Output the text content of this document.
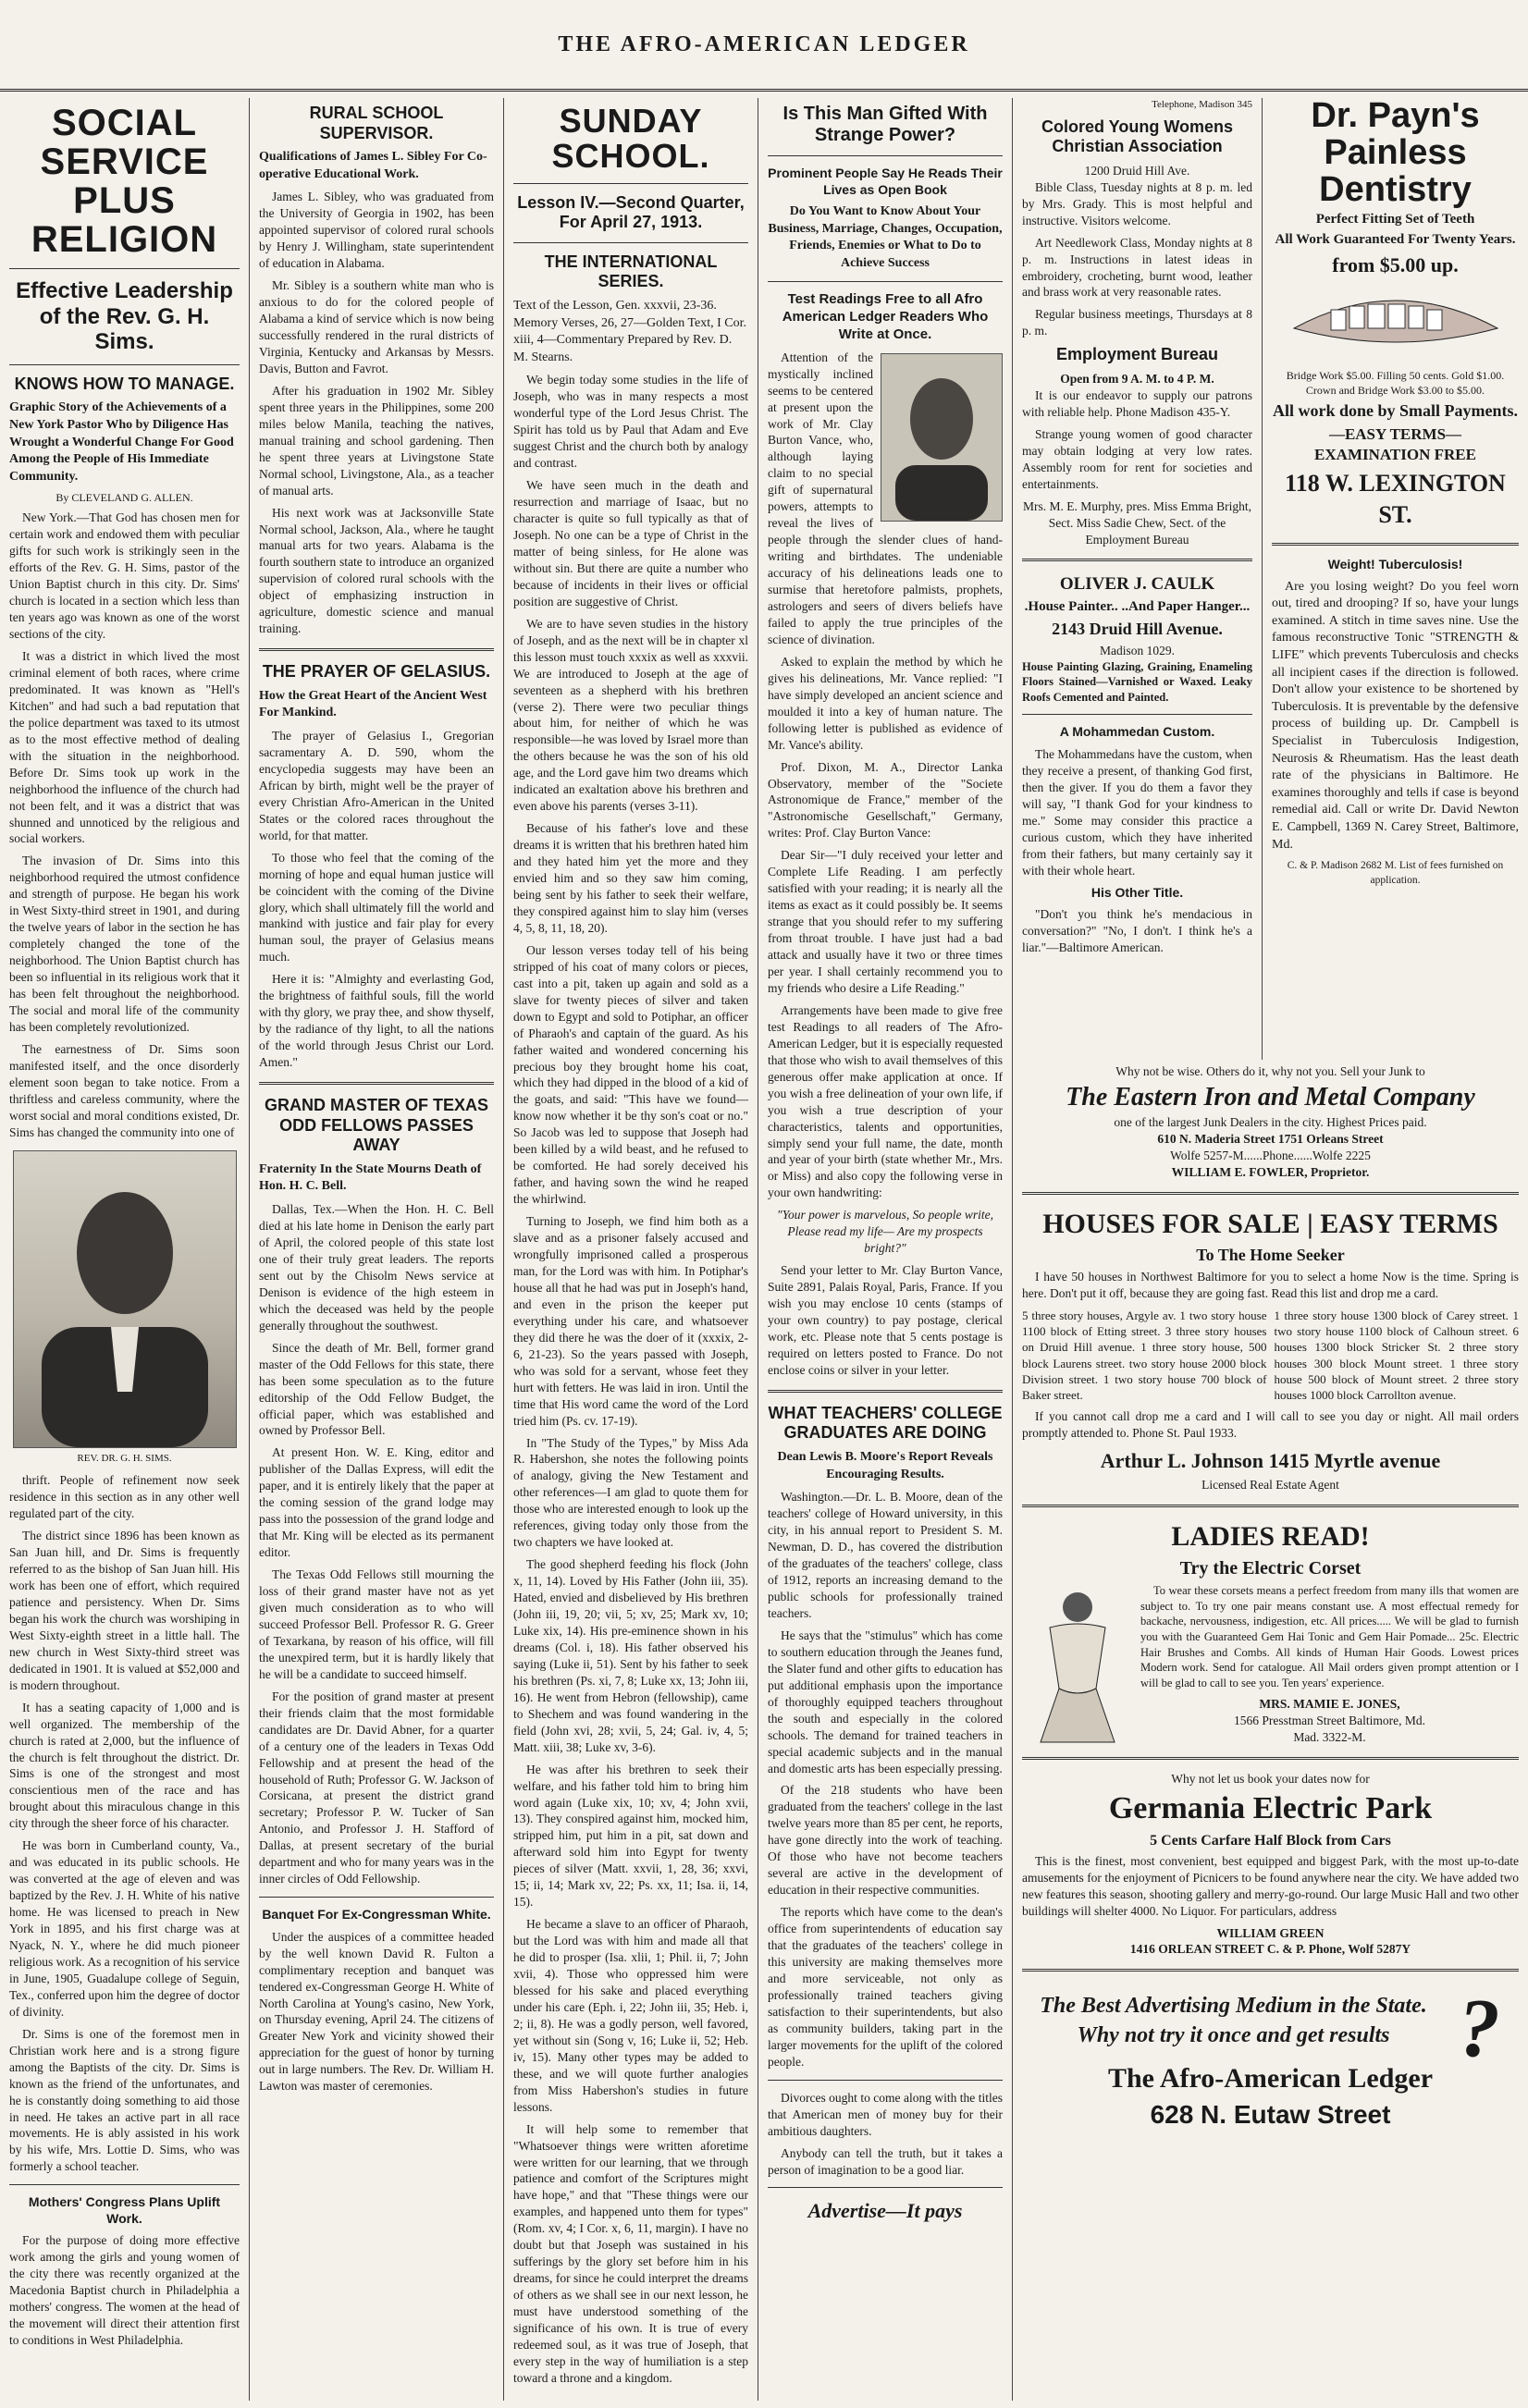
THE AFRO-AMERICAN LEDGER
SOCIAL SERVICE PLUS RELIGION
Effective Leadership of the Rev. G. H. Sims.
KNOWS HOW TO MANAGE.
Graphic Story of the Achievements of a New York Pastor Who by Diligence Has Wrought a Wonderful Change For Good Among the People of His Immediate Community.
By CLEVELAND G. ALLEN.

New York.—That God has chosen men for certain work and endowed them with peculiar gifts for such work is strikingly seen in the efforts of the Rev. G. H. Sims, pastor of the Union Baptist church in this city. Dr. Sims' church is located in a section which less than ten years ago was known as one of the worst sections of the city.

It was a district in which lived the most criminal element of both races, where crime predominated. It was known as "Hell's Kitchen" and had such a bad reputation that the police department was taxed to its utmost as to the most effective method of dealing with the situation in the neighborhood. Before Dr. Sims took up work in the neighborhood the influence of the church had not been felt, and it was a district that was shunned and unnoticed by the religious and social workers.

The invasion of Dr. Sims into this neighborhood required the utmost confidence and strength of purpose. He began his work in West Sixty-third street in 1901, and during the twelve years of labor in the section he has completely changed the tone of the neighborhood. The Union Baptist church has been so influential in its religious work that it has been felt throughout the neighborhood. The social and moral life of the community has been completely revolutionized.

The earnestness of Dr. Sims soon manifested itself, and the once disorderly element soon began to take notice. From a thriftless and careless community, where the worst social and moral conditions existed, Dr. Sims has changed the community into one of

REV. DR. G. H. SIMS.

thrift. People of refinement now seek residence in this section as in any other well regulated part of the city.

The district since 1896 has been known as San Juan hill, and Dr. Sims is frequently referred to as the bishop of San Juan hill. His work has been one of effort, which required patience and persistency. When Dr. Sims began his work the church was worshiping in West Sixty-eighth street in a little hall. The new church in West Sixty-third street was dedicated in 1901. It is valued at $52,000 and is modern throughout.

It has a seating capacity of 1,000 and is well organized. The membership of the church is rated at 2,000, but the influence of the church is felt throughout the district. Dr. Sims is one of the strongest and most conscientious men of the race and has brought about this miraculous change in this city through the sheer force of his character.

He was born in Cumberland county, Va., and was educated in its public schools. He was converted at the age of eleven and was baptized by the Rev. J. H. White of his native home. He was licensed to preach in New York in 1895, and his first charge was at Nyack, N. Y., where he did much pioneer religious work. As a recognition of his service in June, 1905, Guadalupe college of Seguin, Tex., conferred upon him the degree of doctor of divinity.

Dr. Sims is one of the foremost men in Christian work here and is a strong figure among the Baptists of the city. Dr. Sims is known as the friend of the unfortunates, and he is constantly doing something to aid those in need. He takes an active part in all race movements. He is ably assisted in his work by his wife, Mrs. Lottie D. Sims, who was formerly a school teacher.

Mothers' Congress Plans Uplift Work.

For the purpose of doing more effective work among the girls and young women of the city there was recently organized at the Macedonia Baptist church in Philadelphia a mothers' congress. The women at the head of the movement will direct their attention first to conditions in West Philadelphia.

RURAL SCHOOL SUPERVISOR.
Qualifications of James L. Sibley For Co-operative Educational Work.

James L. Sibley, who was graduated from the University of Georgia in 1902, has been appointed supervisor of colored rural schools by Henry J. Willingham, state superintendent of education in Alabama.

Mr. Sibley is a southern white man who is anxious to do for the colored people of Alabama a kind of service which is now being successfully rendered in the rural districts of Virginia, Kentucky and Arkansas by Messrs. Davis, Button and Favrot.

After his graduation in 1902 Mr. Sibley spent three years in the Philippines, some 200 miles below Manila, teaching the natives, manual training and school gardening. Then he spent three years at Livingstone State Normal school, Livingstone, Ala., as a teacher of manual arts.

His next work was at Jacksonville State Normal school, Jackson, Ala., where he taught manual arts for two years. Alabama is the fourth southern state to introduce an organized supervision of colored rural schools with the object of emphasizing instruction in agriculture, domestic science and manual training.

THE PRAYER OF GELASIUS.
How the Great Heart of the Ancient West For Mankind.

The prayer of Gelasius I., Gregorian sacramentary A. D. 590, whom the encyclopedia suggests may have been an African by birth, might well be the prayer of every Christian Afro-American in the United States or the colored races throughout the world, for that matter.

To those who feel that the coming of the morning of hope and equal human justice will be coincident with the coming of the Divine glory, which shall ultimately fill the world and mankind with justice and fair play for every human soul, the prayer of Gelasius means much.

Here it is: "Almighty and everlasting God, the brightness of faithful souls, fill the world with thy glory, we pray thee, and show thyself, by the radiance of thy light, to all the nations of the world through Jesus Christ our Lord. Amen."

GRAND MASTER OF TEXAS ODD FELLOWS PASSES AWAY
Fraternity In the State Mourns Death of Hon. H. C. Bell.

Dallas, Tex.—When the Hon. H. C. Bell died at his late home in Denison the early part of April, the colored people of this state lost one of their truly great leaders. The reports sent out by the Chisolm News service at Denison is evidence of the high esteem in which the deceased was held by the people generally throughout the southwest.

Since the death of Mr. Bell, former grand master of the Odd Fellows for this state, there has been some speculation as to the future editorship of the Odd Fellow Budget, the official paper, which was established and owned by Professor Bell.

At present Hon. W. E. King, editor and publisher of the Dallas Express, will edit the paper, and it is entirely likely that the paper at the coming session of the grand lodge may pass into the possession of the grand lodge and that Mr. King will be elected as its permanent editor.

The Texas Odd Fellows still mourning the loss of their grand master have not as yet given much consideration as to who will succeed Professor Bell. Professor R. G. Greer of Texarkana, by reason of his office, will fill the unexpired term, but it is hardly likely that he will be a candidate to succeed himself.

For the position of grand master at present their friends claim that the most formidable candidates are Dr. David Abner, for a quarter of a century one of the leaders in Texas Odd Fellowship and at present the head of the household of Ruth; Professor G. W. Jackson of Corsicana, at present the district grand secretary; Professor P. W. Tucker of San Antonio, and Professor J. H. Stafford of Dallas, at present secretary of the burial department and who for many years was in the inner circles of Odd Fellowship.

Banquet For Ex-Congressman White.

Under the auspices of a committee headed by the well known David R. Fulton a complimentary reception and banquet was tendered ex-Congressman George H. White of North Carolina at Young's casino, New York, on Thursday evening, April 24. The citizens of Greater New York and vicinity showed their appreciation for the guest of honor by turning out in large numbers. The Rev. Dr. William H. Lawton was master of ceremonies.

SUNDAY SCHOOL.
Lesson IV.—Second Quarter, For April 27, 1913.
THE INTERNATIONAL SERIES.
Text of the Lesson, Gen. xxxvii, 23-36. Memory Verses, 26, 27—Golden Text, I Cor. xiii, 4—Commentary Prepared by Rev. D. M. Stearns.

We begin today some studies in the life of Joseph, who was in many respects a most wonderful type of the Lord Jesus Christ. The Spirit has told us by Paul that Adam and Eve suggest Christ and the church both by analogy and contrast.

We have seen much in the death and resurrection and marriage of Isaac, but no character is quite so full typically as that of Joseph. No one can be a type of Christ in the matter of being sinless, for He alone was without sin. But there are quite a number who because of incidents in their lives or official position are suggestive of Christ.

We are to have seven studies in the history of Joseph, and as the next will be in chapter xl this lesson must touch xxxix as well as xxxvii. We are introduced to Joseph at the age of seventeen as a shepherd with his brethren (verse 2). There were two peculiar things about him, for neither of which he was responsible—he was loved by Israel more than the others because he was the son of his old age, and the Lord gave him two dreams which indicated an exaltation above his brethren and even above his parents (verses 3-11).

Because of his father's love and these dreams it is written that his brethren hated him and they hated him yet the more and they envied him and so they saw him coming, being sent by his father to seek their welfare, they conspired against him to slay him (verses 4, 5, 8, 11, 18, 20).

Our lesson verses today tell of his being stripped of his coat of many colors or pieces, cast into a pit, taken up again and sold as a slave for twenty pieces of silver and taken down to Egypt and sold to Potiphar, an officer of Pharaoh's and captain of the guard. As his father waited and wondered concerning his precious boy they brought home his coat, which they had dipped in the blood of a kid of the goats, and said: "This have we found—know now whether it be thy son's coat or no." So Jacob was led to suppose that Joseph had been killed by a wild beast, and he refused to be comforted. He had sorely deceived his father, and having sown the wind he reaped the whirlwind.

Turning to Joseph, we find him both as a slave and as a prisoner falsely accused and wrongfully imprisoned called a prosperous man, for the Lord was with him. In Potiphar's house all that he had was put in Joseph's hand, and even in the prison the keeper put everything under his care, and whatsoever they did there he was the doer of it (xxxix, 2-6, 21-23). So the years passed with Joseph, who was sold for a servant, whose feet they hurt with fetters. He was laid in iron. Until the time that His word came the word of the Lord tried him (Ps. cv. 17-19).

In "The Study of the Types," by Miss Ada R. Habershon, she notes the following points of analogy, giving the New Testament and other references—I am glad to quote them for those who are interested enough to look up the references, giving today only those from the two chapters we have looked at.

The good shepherd feeding his flock (John x, 11, 14). Loved by His Father (John iii, 35). Hated, envied and disbelieved by His brethren (John iii, 19, 20; vii, 5; xv, 25; Mark xv, 10; Luke xix, 14). His pre-eminence shown in his dreams (Col. i, 18). His father observed his saying (Luke ii, 51). Sent by his father to seek his brethren (Ps. xi, 7, 8; Luke xx, 13; John iii, 16). He went from Hebron (fellowship), came to Shechem and was found wandering in the field (John xvi, 28; xvii, 5, 24; Gal. iv, 4, 5; Matt. xiii, 38; Luke xv, 3-6).

He was after his brethren to seek their welfare, and his father told him to bring him word again (Luke xix, 10; xv, 4; John xvii, 13). They conspired against him, mocked him, stripped him, put him in a pit, sat down and afterward sold him into Egypt for twenty pieces of silver (Matt. xxvii, 1, 28, 36; xxvi, 15; ii, 14; Mark xv, 22; Ps. xx, 11; Isa. ii, 14, 15).

He became a slave to an officer of Pharaoh, but the Lord was with him and made all that he did to prosper (Isa. xlii, 1; Phil. ii, 7; John xvii, 4). Those who oppressed him were blessed for his sake and placed everything under his care (Eph. i, 22; John iii, 35; Heb. i, 2; ii, 8). He was a godly person, well favored, yet without sin (Song v, 16; Luke ii, 52; Heb. iv, 15). Many other types may be added to these, and we will quote further analogies from Miss Habershon's studies in future lessons.

It will help some to remember that "Whatsoever things were written aforetime were written for our learning, that we through patience and comfort of the Scriptures might have hope," and that "These things were our examples, and happened unto them for types" (Rom. xv, 4; I Cor. x, 6, 11, margin). I have no doubt but that Joseph was sustained in his sufferings by the glory set before him in his dreams, for since he could interpret the dreams of others as we shall see in our next lesson, he must have understood something of the significance of his own. It is true of every redeemed soul, as it was true of Joseph, that every step in the way of humiliation is a step toward a throne and a kingdom.

Is This Man Gifted With Strange Power?
Prominent People Say He Reads Their Lives as Open Book
Do You Want to Know About Your Business, Marriage, Changes, Occupation, Friends, Enemies or What to Do to Achieve Success
Test Readings Free to all Afro American Ledger Readers Who Write at Once.

Attention of the mystically inclined seems to be centered at present upon the work of Mr. Clay Burton Vance, who, although laying claim to no special gift of supernatural powers, attempts to reveal the lives of people through the slender clues of hand-writing and birthdates. The undeniable accuracy of his delineations leads one to surmise that heretofore palmists, prophets, astrologers and seers of divers beliefs have failed to apply the true principles of the science of divination.

Asked to explain the method by which he gives his delineations, Mr. Vance replied: "I have simply developed an ancient science and moulded it into a key of human nature. The following letter is published as evidence of Mr. Vance's ability.

Prof. Dixon, M. A., Director Lanka Observatory, member of the "Societe Astronomique de France," member of the "Astronomische Gesellschaft," Germany, writes: Prof. Clay Burton Vance:

Dear Sir—"I duly received your letter and Complete Life Reading. I am perfectly satisfied with your reading; it is nearly all the items as exact as it could possibly be. It seems strange that you should refer to my suffering from throat trouble. I have just had a bad attack and usually have it two or three times per year. I shall certainly recommend you to my friends who desire a Life Reading."

Arrangements have been made to give free test Readings to all readers of The Afro-American Ledger, but it is especially requested that those who wish to avail themselves of this generous offer make application at once. If you wish a free delineation of your own life, if you wish a true description of your characteristics, talents and opportunities, simply send your full name, the date, month and year of your birth (state whether Mr., Mrs. or Miss) and also copy the following verse in your own handwriting:

"Your power is marvelous, So people write, Please read my life— Are my prospects bright?"

Send your letter to Mr. Clay Burton Vance, Suite 2891, Palais Royal, Paris, France. If you wish you may enclose 10 cents (stamps of your own country) to pay postage, clerical work, etc. Please note that 5 cents postage is required on letters posted to France. Do not enclose coins or silver in your letter.

WHAT TEACHERS' COLLEGE GRADUATES ARE DOING
Dean Lewis B. Moore's Report Reveals Encouraging Results.

Washington.—Dr. L. B. Moore, dean of the teachers' college of Howard university, in this city, in his annual report to President S. M. Newman, D. D., has covered the distribution of the graduates of the teachers' college, class of 1912, reports an increasing demand to the public schools for professionally trained teachers.

He says that the "stimulus" which has come to southern education through the Jeanes fund, the Slater fund and other gifts to education has put additional emphasis upon the importance of thoroughly equipped teachers throughout the south and especially in the colored schools. The demand for trained teachers in special academic subjects and in the manual and domestic arts has been especially pressing.

Of the 218 students who have been graduated from the teachers' college in the last twelve years more than 85 per cent, he reports, have gone directly into the work of teaching. Of those who have not become teachers several are active in the development of education in their respective communities.

The reports which have come to the dean's office from superintendents of education say that the graduates of the teachers' college in this university are making themselves more and more serviceable, not only as professionally trained teachers giving satisfaction to their superintendents, but also as community builders, taking part in the larger movements for the uplift of the colored people.

Divorces ought to come along with the titles that American men of money buy for their ambitious daughters.

Anybody can tell the truth, but it takes a person of imagination to be a good liar.

Advertise—It pays
Telephone, Madison 345
Colored Young Womens Christian Association
1200 Druid Hill Ave.

Bible Class, Tuesday nights at 8 p. m. led by Mrs. Grady. This is most helpful and instructive. Visitors welcome.

Art Needlework Class, Monday nights at 8 p. m. Instructions in latest ideas in embroidery, crocheting, burnt wood, leather and brass work at very reasonable rates.

Regular business meetings, Thursdays at 8 p. m.

Employment Bureau
Open from 9 A. M. to 4 P. M.

It is our endeavor to supply our patrons with reliable help. Phone Madison 435-Y.

Strange young women of good character may obtain lodging at very low rates. Assembly room for rent for societies and entertainments.

Mrs. M. E. Murphy, pres. Miss Emma Bright, Sect. Miss Sadie Chew, Sect. of the Employment Bureau

OLIVER J. CAULK
.House Painter.. ..And Paper Hanger...
2143 Druid Hill Avenue.
Madison 1029.

House Painting Glazing, Graining, Enameling Floors Stained—Varnished or Waxed. Leaky Roofs Cemented and Painted.

A Mohammedan Custom.

The Mohammedans have the custom, when they receive a present, of thanking God first, then the giver. If you do them a favor they will say, "I thank God for your kindness to me." Some may consider this practice a curious custom, which they have inherited from their fathers, but many certainly say it with their whole heart.

His Other Title.

"Don't you think he's mendacious in conversation?" "No, I don't. I think he's a liar."—Baltimore American.

Dr. Payn's Painless Dentistry
Perfect Fitting Set of Teeth
All Work Guaranteed For Twenty Years.
from $5.00 up.
Bridge Work $5.00. Filling 50 cents. Gold $1.00. Crown and Bridge Work $3.00 to $5.00.
All work done by Small Payments.
—EASY TERMS— EXAMINATION FREE
118 W. LEXINGTON ST.
Weight! Tuberculosis!

Are you losing weight? Do you feel worn out, tired and drooping? If so, have your lungs examined. A stitch in time saves nine. Use the famous reconstructive Tonic "STRENGTH & LIFE" which prevents Tuberculosis and checks all incipient cases if the direction is followed. Don't allow your existence to be shortened by Tuberculosis. It is preventable by the defensive process of building up. Dr. Campbell is Specialist in Tuberculosis Indigestion, Neurosis & Rheumatism. Has the least death rate of the physicians in Baltimore. He examines thoroughly and tells if case is beyond remedial aid. Call or write Dr. David Newton E. Campbell, 1369 N. Carey Street, Baltimore, Md.

C. & P. Madison 2682 M. List of fees furnished on application.

Why not be wise. Others do it, why not you. Sell your Junk to
The Eastern Iron and Metal Company
one of the largest Junk Dealers in the city. Highest Prices paid.
610 N. Maderia Street 1751 Orleans Street
Wolfe 5257-M......Phone......Wolfe 2225
WILLIAM E. FOWLER, Proprietor.
HOUSES FOR SALE | EASY TERMS
To The Home Seeker

I have 50 houses in Northwest Baltimore for you to select a home Now is the time. Spring is here. Don't put it off, because they are going fast. Read this list and drop me a card.

5 three story houses, Argyle av. 1 two story house 1100 block of Etting street. 3 three story houses on Druid Hill avenue. 1 three story house, 500 block Laurens street. two story house 2000 block Division street. 1 two story house 700 block of Baker street.
1 three story house 1300 block of Carey street. 1 two story house 1100 block of Calhoun street. 6 houses 1300 block Stricker St. 2 three story houses 300 block Mount street. 1 three story house 500 block of Mount street. 2 three story houses 1000 block Carrollton avenue.

If you cannot call drop me a card and I will call to see you day or night. All mail orders promptly attended to. Phone St. Paul 1933.

Arthur L. Johnson 1415 Myrtle avenue
Licensed Real Estate Agent
LADIES READ!
Try the Electric Corset

To wear these corsets means a perfect freedom from many ills that women are subject to. To try one pair means constant use. A most effectual remedy for backache, nervousness, indigestion, etc. All prices..... We will be glad to furnish you with the Guaranteed Gem Hai Tonic and Gem Hair Pomade... 25c. Electric Hair Brushes and Combs. All kinds of Human Hair Goods. Lowest prices Modern work. Send for catalogue. All Mail orders given prompt attention or I will be glad to call to see you. Ten years' experience.

MRS. MAMIE E. JONES,
1566 Presstman Street Baltimore, Md.
Mad. 3322-M.
Why not let us book your dates now for
Germania Electric Park
5 Cents Carfare Half Block from Cars

This is the finest, most convenient, best equipped and biggest Park, with the most up-to-date amusements for the enjoyment of Picnicers to be found anywhere near the city. We have added two new features this season, shooting gallery and merry-go-round. Our large Music Hall and two other buildings will shelter 4000. No Liquor. For particulars, address

WILLIAM GREEN
1416 ORLEAN STREET C. & P. Phone, Wolf 5287Y
The Best Advertising Medium in the State. Why not try it once and get results ?
The Afro-American Ledger
628 N. Eutaw Street
